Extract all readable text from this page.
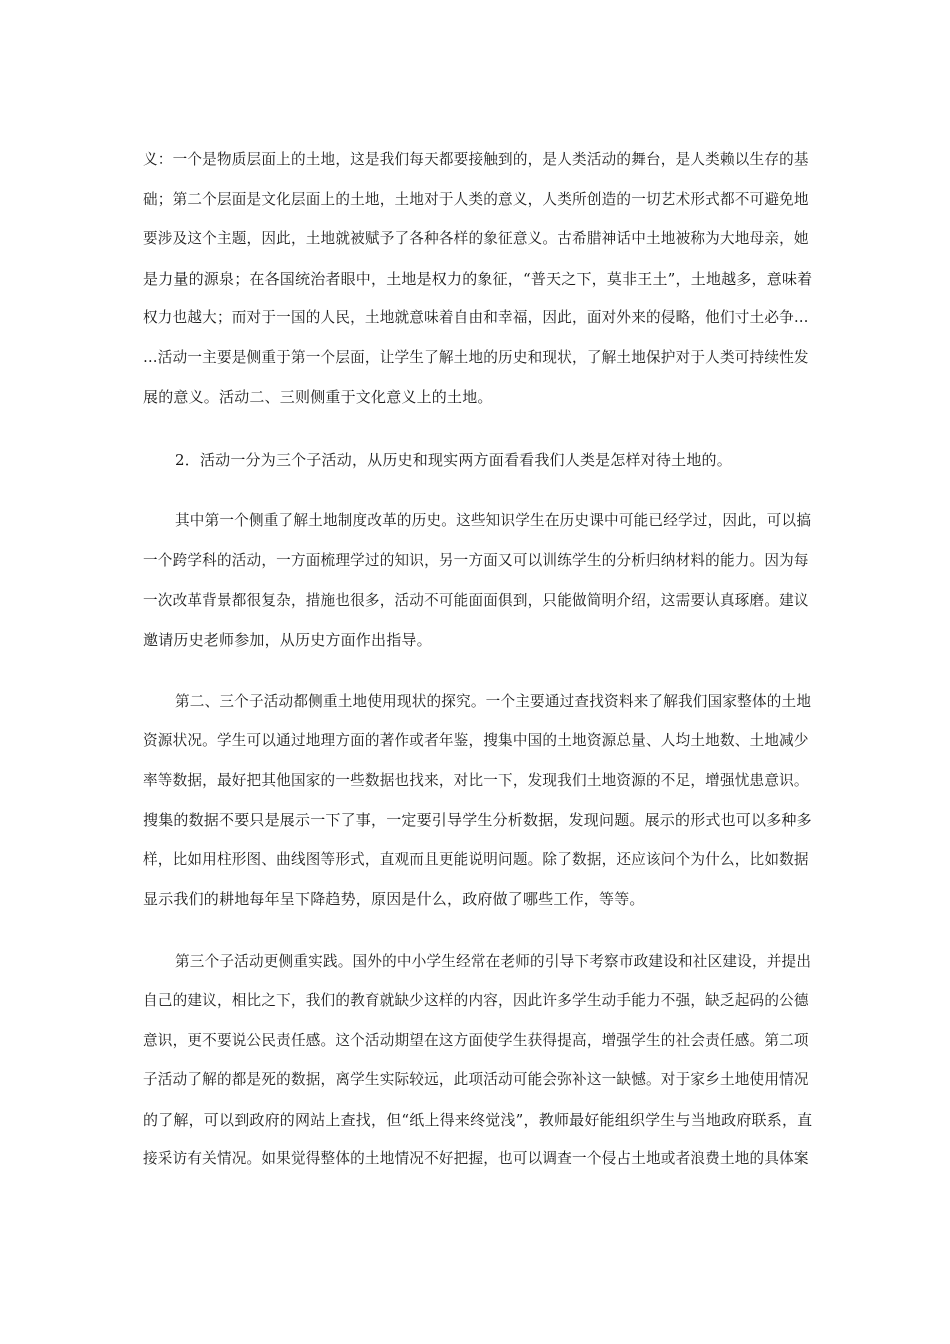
义：一个是物质层面上的土地，这是我们每天都要接触到的，是人类活动的舞台，是人类赖以生存的基
础；第二个层面是文化层面上的土地，土地对于人类的意义，人类所创造的一切艺术形式都不可避免地
要涉及这个主题，因此，土地就被赋予了各种各样的象征意义。古希腊神话中土地被称为大地母亲，她
是力量的源泉；在各国统治者眼中，土地是权力的象征，“普天之下，莫非王土”，土地越多，意味着
权力也越大；而对于一国的人民，土地就意味着自由和幸福，因此，面对外来的侵略，他们寸土必争…
…活动一主要是侧重于第一个层面，让学生了解土地的历史和现状，了解土地保护对于人类可持续性发
展的意义。活动二、三则侧重于文化意义上的土地。
2．活动一分为三个子活动，从历史和现实两方面看看我们人类是怎样对待土地的。
其中第一个侧重了解土地制度改革的历史。这些知识学生在历史课中可能已经学过，因此，可以搞
一个跨学科的活动，一方面梳理学过的知识，另一方面又可以训练学生的分析归纳材料的能力。因为每
一次改革背景都很复杂，措施也很多，活动不可能面面俱到，只能做简明介绍，这需要认真琢磨。建议
邀请历史老师参加，从历史方面作出指导。
第二、三个子活动都侧重土地使用现状的探究。一个主要通过查找资料来了解我们国家整体的土地
资源状况。学生可以通过地理方面的著作或者年鉴，搜集中国的土地资源总量、人均土地数、土地减少
率等数据，最好把其他国家的一些数据也找来，对比一下，发现我们土地资源的不足，增强忧患意识。
搜集的数据不要只是展示一下了事，一定要引导学生分析数据，发现问题。展示的形式也可以多种多
样，比如用柱形图、曲线图等形式，直观而且更能说明问题。除了数据，还应该问个为什么，比如数据
显示我们的耕地每年呈下降趋势，原因是什么，政府做了哪些工作，等等。
第三个子活动更侧重实践。国外的中小学生经常在老师的引导下考察市政建设和社区建设，并提出
自己的建议，相比之下，我们的教育就缺少这样的内容，因此许多学生动手能力不强，缺乏起码的公德
意识，更不要说公民责任感。这个活动期望在这方面使学生获得提高，增强学生的社会责任感。第二项
子活动了解的都是死的数据，离学生实际较远，此项活动可能会弥补这一缺憾。对于家乡土地使用情况
的了解，可以到政府的网站上查找，但“纸上得来终觉浅”，教师最好能组织学生与当地政府联系，直
接采访有关情况。如果觉得整体的土地情况不好把握，也可以调查一个侵占土地或者浪费土地的具体案
